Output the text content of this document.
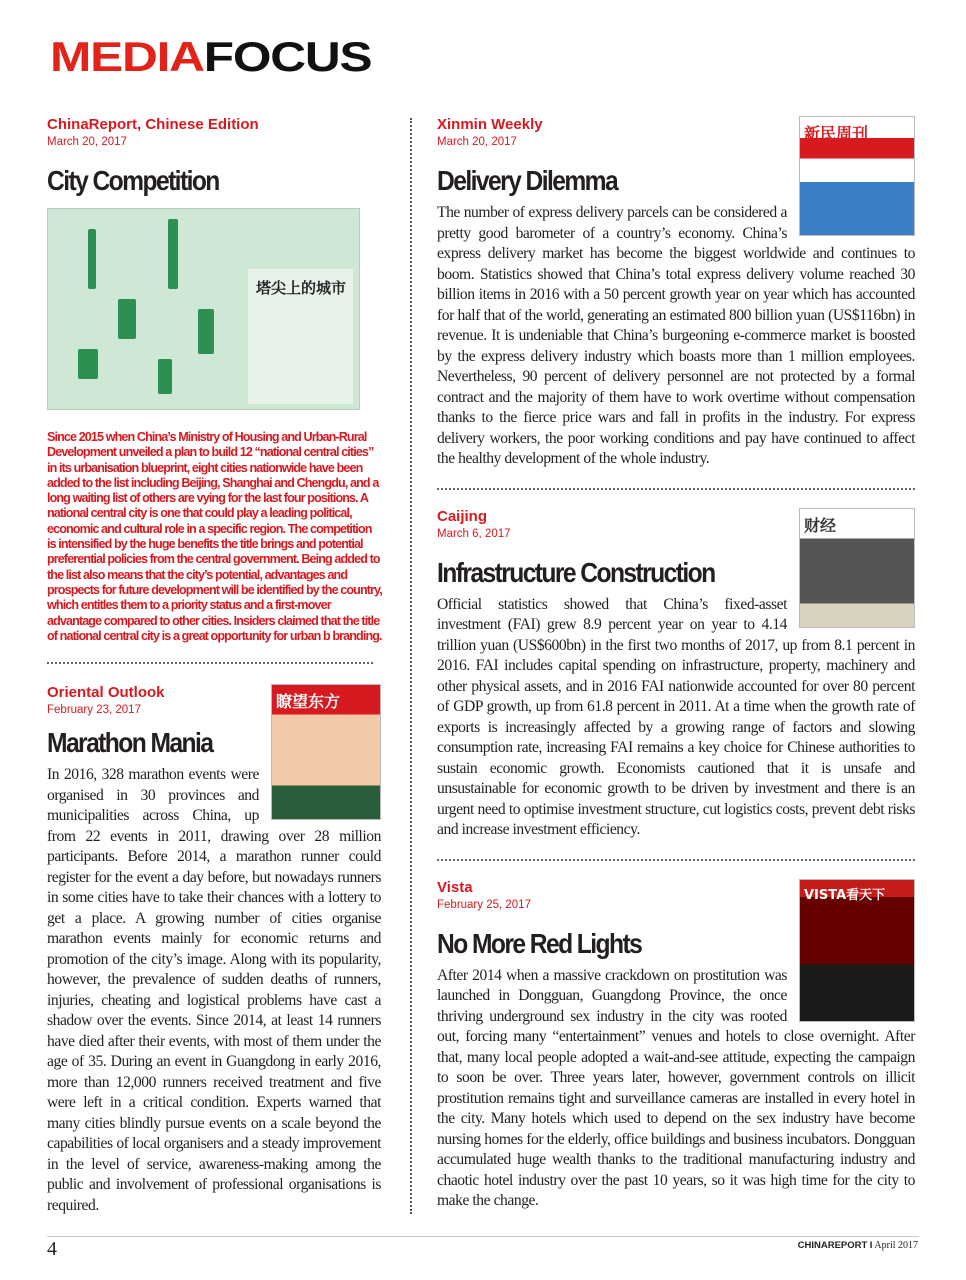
MEDIAFOCUS
ChinaReport, Chinese Edition
March 20, 2017
City Competition
塔尖上的城市
Since 2015 when China’s Ministry of Housing and Urban-Rural Development unveiled a plan to build 12 “national central cities” in its urbanisation blueprint, eight cities nationwide have been added to the list including Beijing, Shanghai and Chengdu, and a long waiting list of others are vying for the last four positions. A national central city is one that could play a leading political, economic and cultural role in a specific region. The competition is intensified by the huge benefits the title brings and potential preferential policies from the central government. Being added to the list also means that the city’s potential, advantages and prospects for future development will be identified by the country, which entitles them to a priority status and a first-mover advantage compared to other cities. Insiders claimed that the title of national central city is a great opportunity for urban b branding.
瞭望东方
Oriental Outlook
February 23, 2017
Marathon Mania
In 2016, 328 marathon events were organised in 30 provinces and municipalities across China, up from 22 events in 2011, drawing over 28 million participants. Before 2014, a marathon runner could register for the event a day before, but nowadays runners in some cities have to take their chances with a lottery to get a place. A growing number of cities organise marathon events mainly for economic returns and promotion of the city’s image. Along with its popularity, however, the prevalence of sudden deaths of runners, injuries, cheating and logistical problems have cast a shadow over the events. Since 2014, at least 14 runners have died after their events, with most of them under the age of 35. During an event in Guangdong in early 2016, more than 12,000 runners received treatment and five were left in a critical condition. Experts warned that many cities blindly pursue events on a scale beyond the capabilities of local organisers and a steady improvement in the level of service, awareness-making among the public and involvement of professional organisations is required.
新民周刊
Xinmin Weekly
March 20, 2017
Delivery Dilemma
The number of express delivery parcels can be considered a pretty good barometer of a country’s economy. China’s express delivery market has become the biggest worldwide and continues to boom. Statistics showed that China’s total express delivery volume reached 30 billion items in 2016 with a 50 percent growth year on year which has accounted for half that of the world, generating an estimated 800 billion yuan (US$116bn) in revenue. It is undeniable that China’s burgeoning e-commerce market is boosted by the express delivery industry which boasts more than 1 million employees. Nevertheless, 90 percent of delivery personnel are not protected by a formal contract and the majority of them have to work overtime without compensation thanks to the fierce price wars and fall in profits in the industry. For express delivery workers, the poor working conditions and pay have continued to affect the healthy development of the whole industry.
财经
Caijing
March 6, 2017
Infrastructure Construction
Official statistics showed that China’s fixed-asset investment (FAI) grew 8.9 percent year on year to 4.14 trillion yuan (US$600bn) in the first two months of 2017, up from 8.1 percent in 2016. FAI includes capital spending on infrastructure, property, machinery and other physical assets, and in 2016 FAI nationwide accounted for over 80 percent of GDP growth, up from 61.8 percent in 2011. At a time when the growth rate of exports is increasingly affected by a growing range of factors and slowing consumption rate, increasing FAI remains a key choice for Chinese authorities to sustain economic growth. Economists cautioned that it is unsafe and unsustainable for economic growth to be driven by investment and there is an urgent need to optimise investment structure, cut logistics costs, prevent debt risks and increase investment efficiency.
VISTA看天下
Vista
February 25, 2017
No More Red Lights
After 2014 when a massive crackdown on prostitution was launched in Dongguan, Guangdong Province, the once thriving underground sex industry in the city was rooted out, forcing many “entertainment” venues and hotels to close overnight. After that, many local people adopted a wait-and-see attitude, expecting the campaign to soon be over. Three years later, however, government controls on illicit prostitution remains tight and surveillance cameras are installed in every hotel in the city. Many hotels which used to depend on the sex industry have become nursing homes for the elderly, office buildings and business incubators. Dongguan accumulated huge wealth thanks to the traditional manufacturing industry and chaotic hotel industry over the past 10 years, so it was high time for the city to make the change.
4	CHINAREPORT I April 2017
